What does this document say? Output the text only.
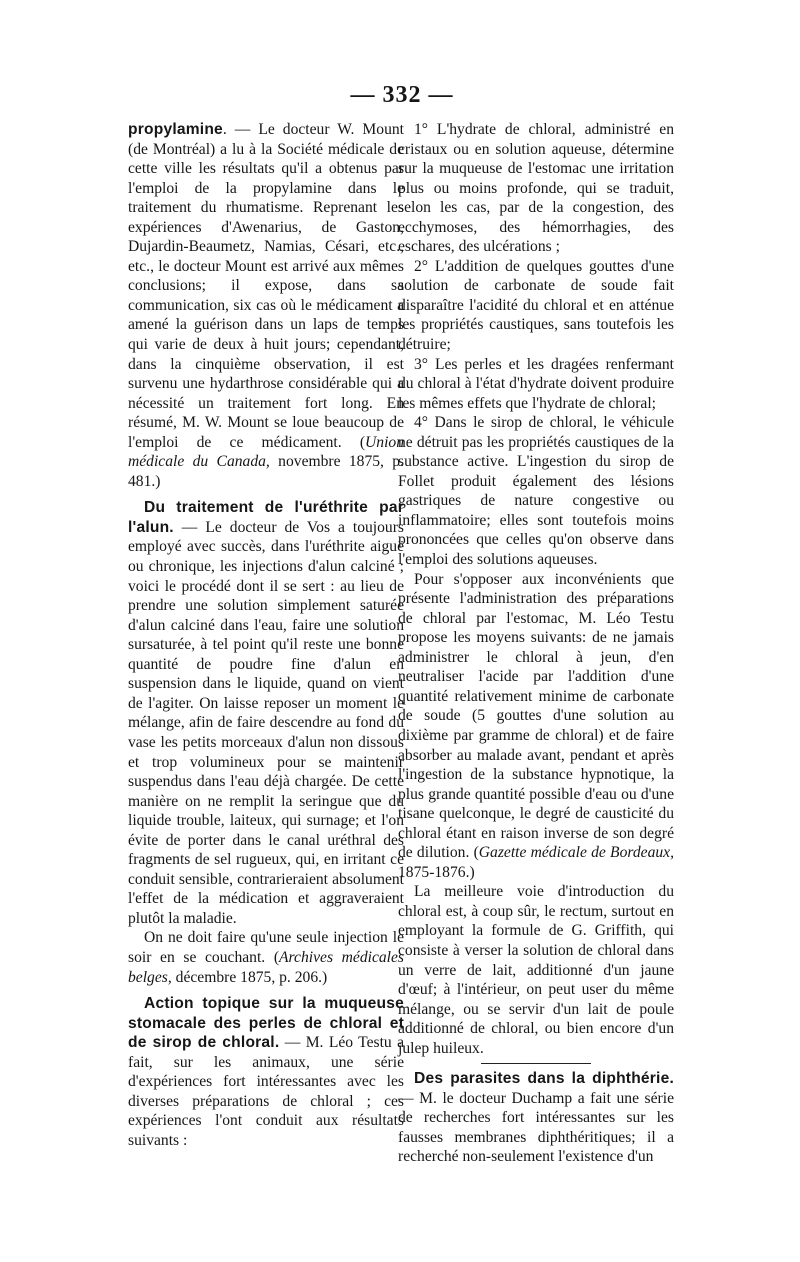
— 332 —

propylamine. — Le docteur W. Mount (de Montréal) a lu à la Société médicale de cette ville les résultats qu'il a obtenus par l'emploi de la propylamine dans le traitement du rhumatisme. Reprenant les expériences d'Awenarius, de Gaston, Dujardin-Beaumetz, Namias, Césari, etc., etc., le docteur Mount est arrivé aux mêmes conclusions; il expose, dans sa communication, six cas où le médicament a amené la guérison dans un laps de temps qui varie de deux à huit jours; cependant, dans la cinquième observation, il est survenu une hydarthrose considérable qui a nécessité un traitement fort long. En résumé, M. W. Mount se loue beaucoup de l'emploi de ce médicament. (Union médicale du Canada, novembre 1875, p. 481.)

Du traitement de l'uréthrite par l'alun. — Le docteur de Vos a toujours employé avec succès, dans l'uréthrite aiguë ou chronique, les injections d'alun calciné ; voici le procédé dont il se sert : au lieu de prendre une solution simplement saturée d'alun calciné dans l'eau, faire une solution sursaturée, à tel point qu'il reste une bonne quantité de poudre fine d'alun en suspension dans le liquide, quand on vient de l'agiter. On laisse reposer un moment le mélange, afin de faire descendre au fond du vase les petits morceaux d'alun non dissous et trop volumineux pour se maintenir suspendus dans l'eau déjà chargée. De cette manière on ne remplit la seringue que du liquide trouble, laiteux, qui surnage; et l'on évite de porter dans le canal uréthral des fragments de sel rugueux, qui, en irritant ce conduit sensible, contrarieraient absolument l'effet de la médication et aggraveraient plutôt la maladie.

On ne doit faire qu'une seule injection le soir en se couchant. (Archives médicales belges, décembre 1875, p. 206.)

Action topique sur la muqueuse stomacale des perles de chloral et de sirop de chloral. — M. Léo Testu a fait, sur les animaux, une série d'expériences fort intéressantes avec les diverses préparations de chloral ; ces expériences l'ont conduit aux résultats suivants :

1° L'hydrate de chloral, administré en cristaux ou en solution aqueuse, détermine sur la muqueuse de l'estomac une irritation plus ou moins profonde, qui se traduit, selon les cas, par de la congestion, des ecchymoses, des hémorrhagies, des eschares, des ulcérations ;

2° L'addition de quelques gouttes d'une solution de carbonate de soude fait disparaître l'acidité du chloral et en atténue les propriétés caustiques, sans toutefois les détruire;

3° Les perles et les dragées renfermant du chloral à l'état d'hydrate doivent produire les mêmes effets que l'hydrate de chloral;

4° Dans le sirop de chloral, le véhicule ne détruit pas les propriétés caustiques de la substance active. L'ingestion du sirop de Follet produit également des lésions gastriques de nature congestive ou inflammatoire; elles sont toutefois moins prononcées que celles qu'on observe dans l'emploi des solutions aqueuses.

Pour s'opposer aux inconvénients que présente l'administration des préparations de chloral par l'estomac, M. Léo Testu propose les moyens suivants: de ne jamais administrer le chloral à jeun, d'en neutraliser l'acide par l'addition d'une quantité relativement minime de carbonate de soude (5 gouttes d'une solution au dixième par gramme de chloral) et de faire absorber au malade avant, pendant et après l'ingestion de la substance hypnotique, la plus grande quantité possible d'eau ou d'une tisane quelconque, le degré de causticité du chloral étant en raison inverse de son degré de dilution. (Gazette médicale de Bordeaux, 1875-1876.)

La meilleure voie d'introduction du chloral est, à coup sûr, le rectum, surtout en employant la formule de G. Griffith, qui consiste à verser la solution de chloral dans un verre de lait, additionné d'un jaune d'œuf; à l'intérieur, on peut user du même mélange, ou se servir d'un lait de poule additionné de chloral, ou bien encore d'un julep huileux.

Des parasites dans la diphthérie. — M. le docteur Duchamp a fait une série de recherches fort intéressantes sur les fausses membranes diphthéritiques; il a recherché non-seulement l'existence d'un
